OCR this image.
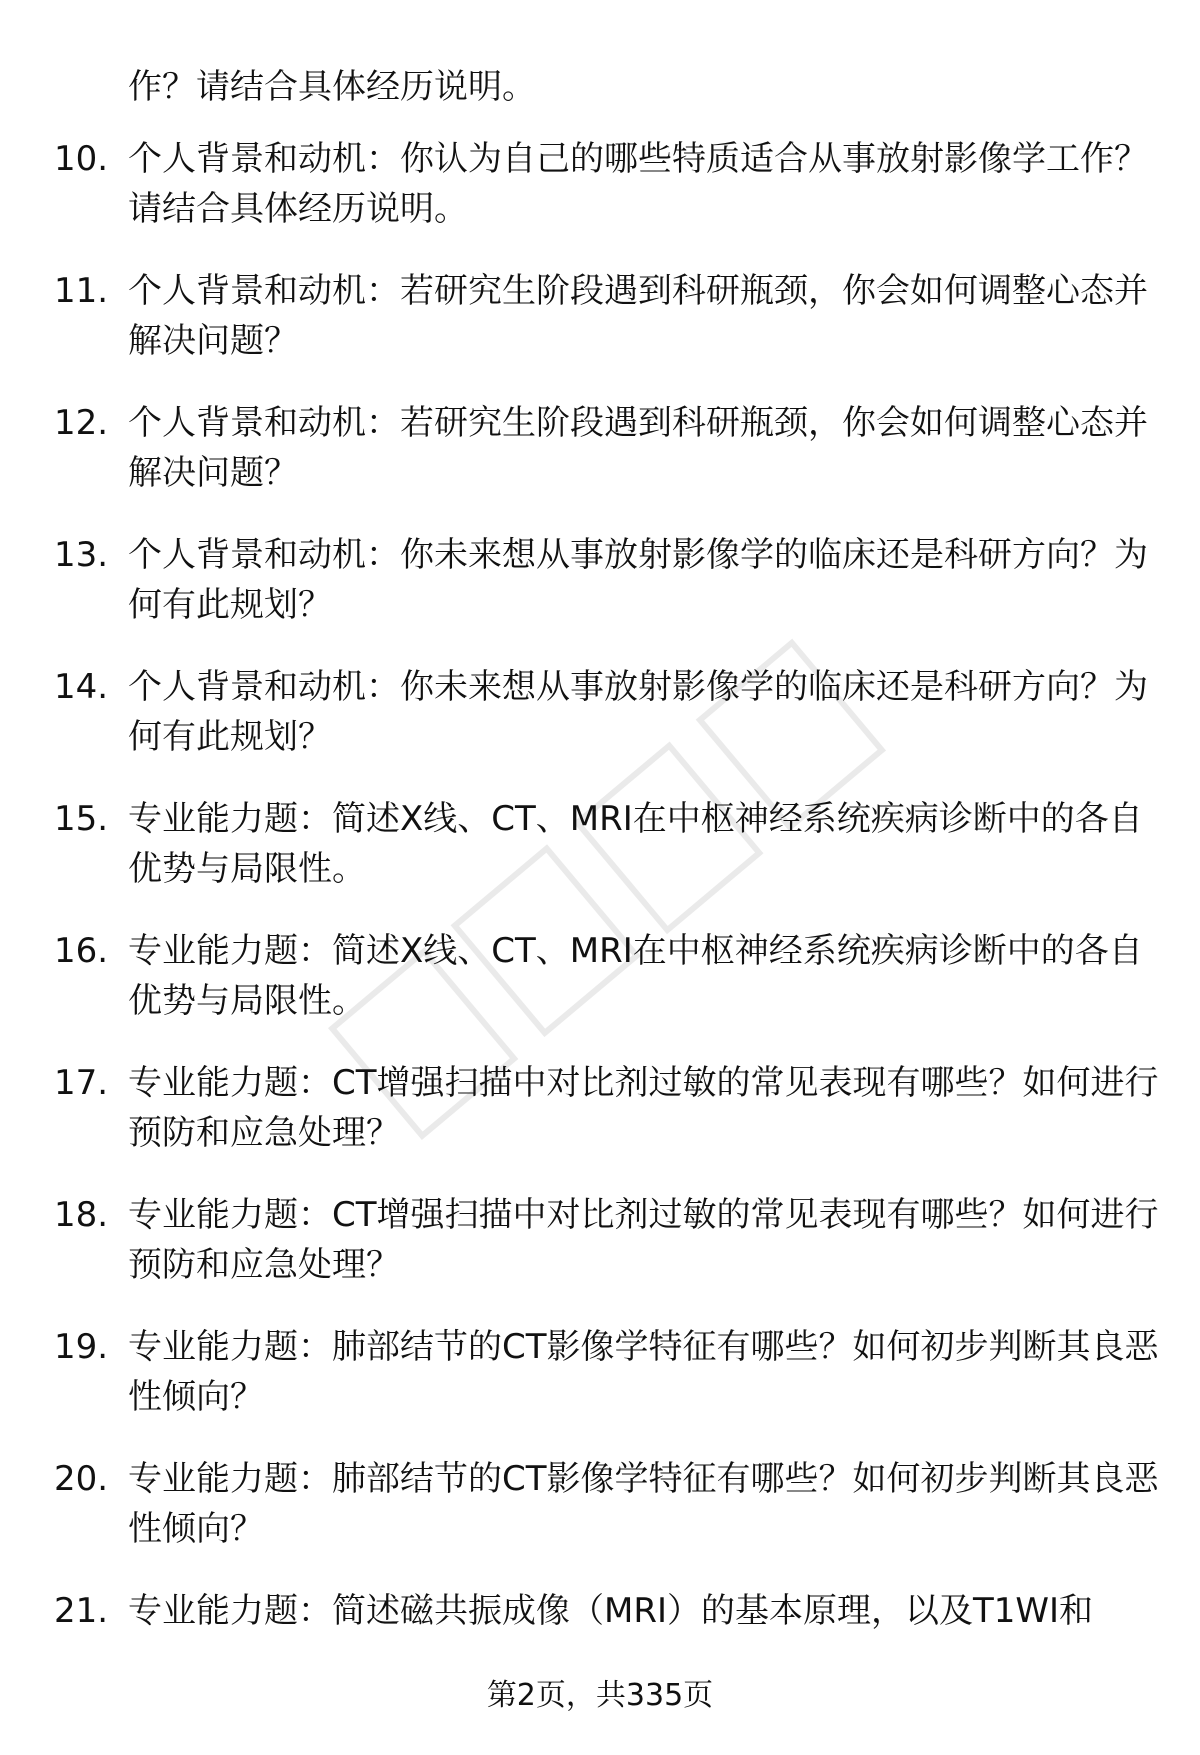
作？请结合具体经历说明。
10. 个人背景和动机：你认为自己的哪些特质适合从事放射影像学工作？请结合具体经历说明。
11. 个人背景和动机：若研究生阶段遇到科研瓶颈，你会如何调整心态并解决问题？
12. 个人背景和动机：若研究生阶段遇到科研瓶颈，你会如何调整心态并解决问题？
13. 个人背景和动机：你未来想从事放射影像学的临床还是科研方向？为何有此规划？
14. 个人背景和动机：你未来想从事放射影像学的临床还是科研方向？为何有此规划？
15. 专业能力题：简述X线、CT、MRI在中枢神经系统疾病诊断中的各自优势与局限性。
16. 专业能力题：简述X线、CT、MRI在中枢神经系统疾病诊断中的各自优势与局限性。
17. 专业能力题：CT增强扫描中对比剂过敏的常见表现有哪些？如何进行预防和应急处理？
18. 专业能力题：CT增强扫描中对比剂过敏的常见表现有哪些？如何进行预防和应急处理？
19. 专业能力题：肺部结节的CT影像学特征有哪些？如何初步判断其良恶性倾向？
20. 专业能力题：肺部结节的CT影像学特征有哪些？如何初步判断其良恶性倾向？
21. 专业能力题：简述磁共振成像（MRI）的基本原理，以及T1WI和
第2页，共335页
